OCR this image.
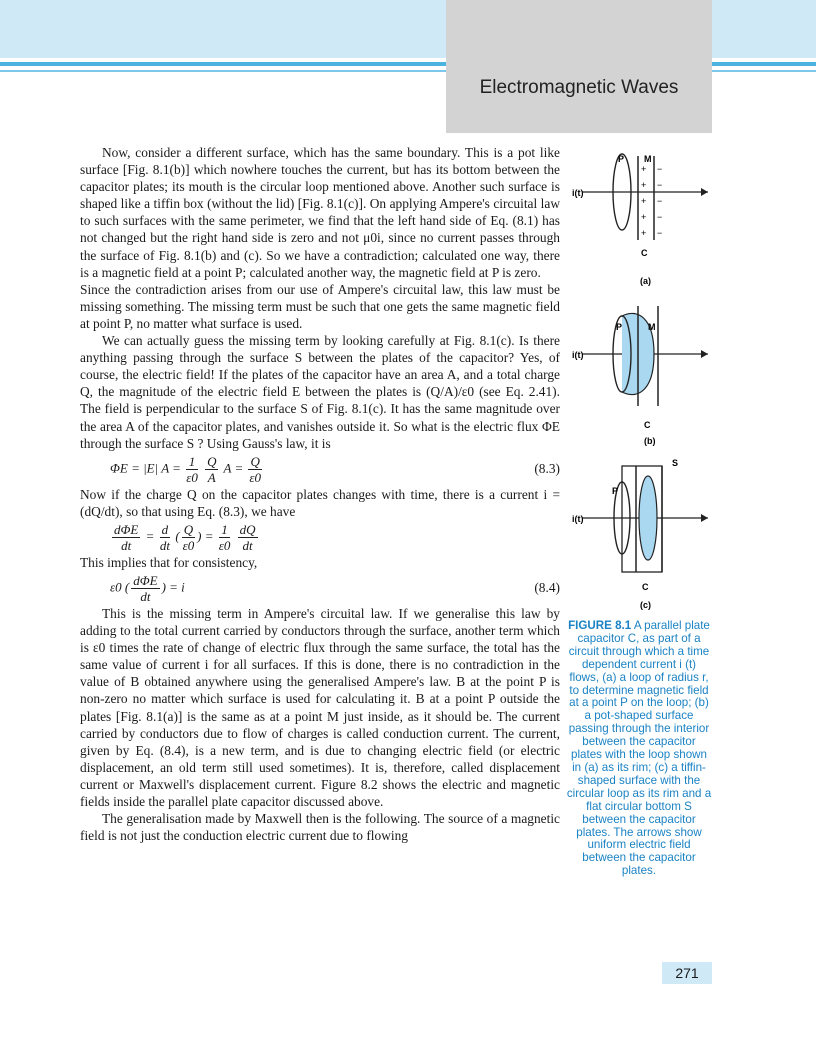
Electromagnetic Waves

Now, consider a different surface, which has the same boundary. This is a pot like surface [Fig. 8.1(b)] which nowhere touches the current, but has its bottom between the capacitor plates; its mouth is the circular loop mentioned above. Another such surface is shaped like a tiffin box (without the lid) [Fig. 8.1(c)]. On applying Ampere's circuital law to such surfaces with the same perimeter, we find that the left hand side of Eq. (8.1) has not changed but the right hand side is zero and not μ0i, since no current passes through the surface of Fig. 8.1(b) and (c). So we have a contradiction; calculated one way, there is a magnetic field at a point P; calculated another way, the magnetic field at P is zero.

Since the contradiction arises from our use of Ampere's circuital law, this law must be missing something. The missing term must be such that one gets the same magnetic field at point P, no matter what surface is used.

We can actually guess the missing term by looking carefully at Fig. 8.1(c). Is there anything passing through the surface S between the plates of the capacitor? Yes, of course, the electric field! If the plates of the capacitor have an area A, and a total charge Q, the magnitude of the electric field E between the plates is (Q/A)/ε0 (see Eq. 2.41). The field is perpendicular to the surface S of Fig. 8.1(c). It has the same magnitude over the area A of the capacitor plates, and vanishes outside it. So what is the electric flux ΦE through the surface S ? Using Gauss's law, it is

ΦE = |E| $A = \frac{1}{\varepsilon 0}$
$\frac{Q}{A}$ $A = \frac{Q}{\varepsilon 0}$	(8.3)

Now if the charge Q on the capacitor plates changes with time, there is a current i = (dQ/dt), so that using Eq. (8.3), we have

$\frac{\text{dΦE}}{dt} = \frac{d}{dt}$ ( $\frac{Q}{\varepsilon 0}$ ) = $\frac{1}{\varepsilon 0}$
$\frac{dQ}{dt}$

This implies that for consistency,

ε0 ( $\frac{\text{dΦE}}{dt}$ ) = i	(8.4)

This is the missing term in Ampere's circuital law. If we generalise this law by adding to the total current carried by conductors through the surface, another term which is ε0 times the rate of change of electric flux through the same surface, the total has the same value of current i for all surfaces. If this is done, there is no contradiction in the value of B obtained anywhere using the generalised Ampere's law. B at the point P is non-zero no matter which surface is used for calculating it. B at a point P outside the plates [Fig. 8.1(a)] is the same as at a point M just inside, as it should be. The current carried by conductors due to flow of charges is called conduction current. The current, given by Eq. (8.4), is a new term, and is due to changing electric field (or electric displacement, an old term still used sometimes). It is, therefore, called displacement current or Maxwell's displacement current. Figure 8.2 shows the electric and magnetic fields inside the parallel plate capacitor discussed above.

The generalisation made by Maxwell then is the following. The source of a magnetic field is not just the conduction electric current due to flowing

+
+
+
+
+
−
−
−
−
−
i(t)
P M
C
(a)
i(t)
P	M
C
(b)
i(t)
P
S
C
(c)
FIGURE 8.1 A parallel plate capacitor C, as part of a circuit through which a time dependent current i (t) flows, (a) a loop of radius r, to determine magnetic field at a point P on the loop; (b) a pot-shaped surface passing through the interior between the capacitor plates with the loop shown in (a) as its rim; (c) a tiffin-shaped surface with the circular loop as its rim and a flat circular bottom S between the capacitor plates. The arrows show uniform electric field between the capacitor plates.
271
